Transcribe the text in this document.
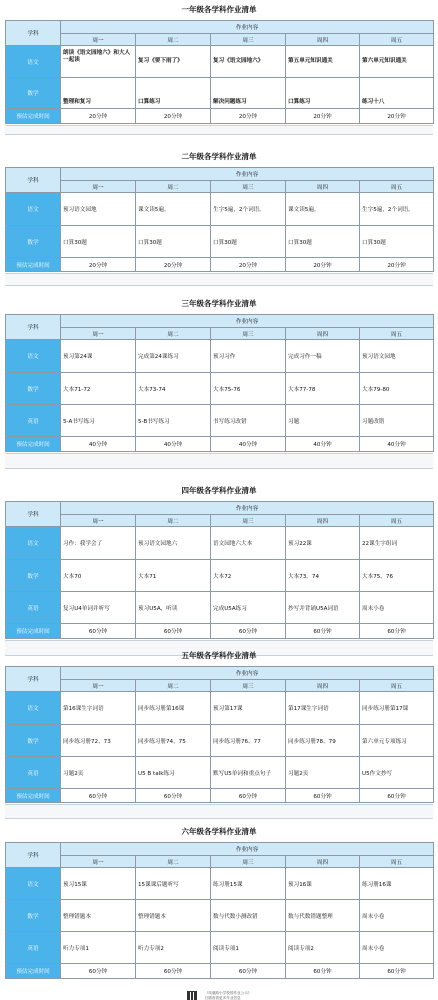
一年级各学科作业清单
学科	作业内容				
	周一	周二	周三	周四	周五
语文	朗读《语文园地六》和大人一起读	复习《要下雨了》	复习《语文园地六》	第五单元知识通关	第六单元知识通关
数学	整理和复习	口算练习	解决问题练习	口算练习	练习十八
预估完成时间	20分钟	20分钟	20分钟	20分钟	20分钟
二年级各学科作业清单
学科	作业内容				
	周一	周二	周三	周四	周五
语文	预习语文园地	课文读5遍。	生字5遍，2个词语。	课文读5遍。	生字5遍，2个词语。
数学	口算30题	口算30题	口算30题	口算30题	口算30题
预估完成时间	20分钟	20分钟	20分钟	20分钟	20分钟
三年级各学科作业清单
学科	作业内容				
	周一	周二	周三	周四	周五
语文	预习第24课	完成第24课练习	预习习作	完成习作一稿	预习语文园地
数学	大本71-72	大本73-74	大本75-76	大本77-78	大本79-80
英语	5-A书写练习	5-B书写练习	书写练习改错	习题	习题改错
预估完成时间	40分钟	40分钟	40分钟	40分钟	40分钟
四年级各学科作业清单
学科	作业内容				
	周一	周二	周三	周四	周五
语文	习作：我学会了	预习语文园地六	语文园地六大本	预习22课	22课生字组词
数学	大本70	大本71	大本72	大本73、74	大本75、76
英语	复习U4单词并听写	预习U5A，听读	完成U5A练习	抄写并背诵U5A词语	周末小卷
预估完成时间	60分钟	60分钟	60分钟	60分钟	60分钟
五年级各学科作业清单
学科	作业内容				
	周一	周二	周三	周四	周五
语文	第16课生字词语	同步练习册第16课	预习第17课	第17课生字词语	同步练习册第17课
数学	同步练习册72、73	同步练习册74、75	同步练习册76、77	同步练习册78、79	第六单元专项练习
英语	习题2页	U5 B talk练习	默写U5单词和重点句子	习题2页	U5作文抄写
预估完成时间	60分钟	60分钟	60分钟	60分钟	60分钟
六年级各学科作业清单
学科	作业内容				
	周一	周二	周三	周四	周五
语文	预习15课	15课课后题听写	练习册15课	预习16课	练习册16课
数学	整理错题本	整理错题本	数与代数小测改错	数与代数错题整理	周末小卷
英语	听力专项1	听力专项2	阅读专项1	阅读专项2	周末小卷
预估完成时间	60分钟	60分钟	60分钟	60分钟	60分钟
《凤凰路小学校园作业公示》
扫描查看更多作业信息
